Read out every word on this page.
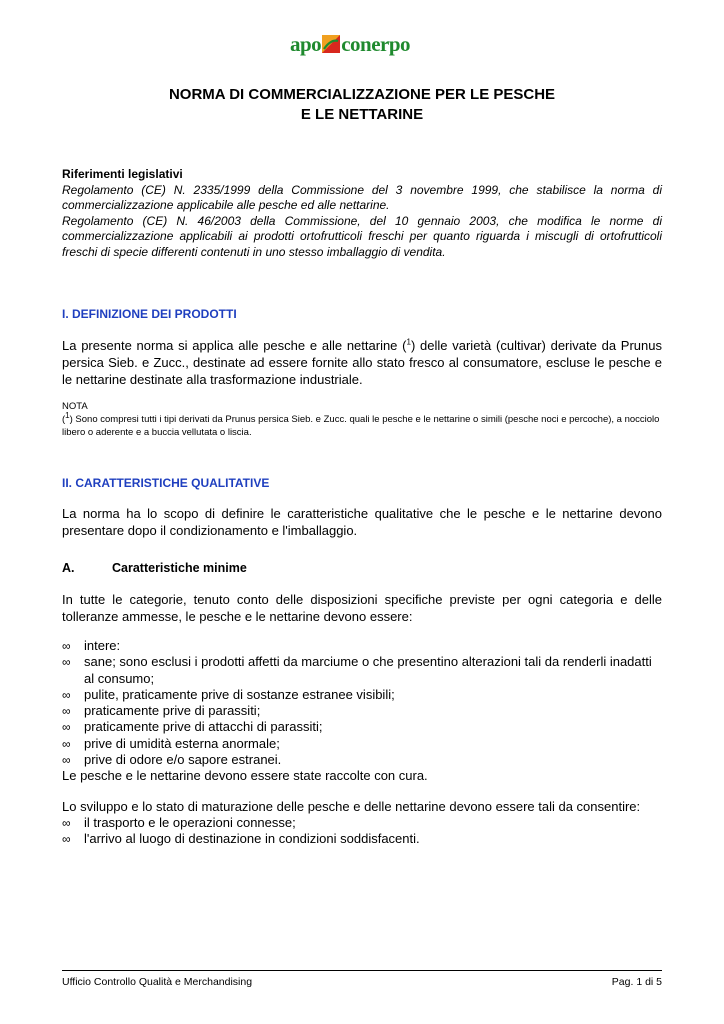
apo conerpo
NORMA DI COMMERCIALIZZAZIONE PER LE PESCHE
E LE NETTARINE
Riferimenti legislativi

Regolamento (CE) N. 2335/1999 della Commissione del 3 novembre 1999, che stabilisce la norma di commercializzazione applicabile alle pesche ed alle nettarine.

Regolamento (CE) N. 46/2003 della Commissione, del 10 gennaio 2003, che modifica le norme di commercializzazione applicabili ai prodotti ortofrutticoli freschi per quanto riguarda i miscugli di ortofrutticoli freschi di specie differenti contenuti in uno stesso imballaggio di vendita.

I. DEFINIZIONE DEI PRODOTTI

La presente norma si applica alle pesche e alle nettarine ($^1$) delle varietà (cultivar) derivate da Prunus persica Sieb. e Zucc., destinate ad essere fornite allo stato fresco al consumatore, escluse le pesche e le nettarine destinate alla trasformazione industriale.

NOTA
($^1$) Sono compresi tutti i tipi derivati da Prunus persica Sieb. e Zucc. quali le pesche e le nettarine o simili (pesche noci e percoche), a nocciolo libero o aderente e a buccia vellutata o liscia.
II. CARATTERISTICHE QUALITATIVE

La norma ha lo scopo di definire le caratteristiche qualitative che le pesche e le nettarine devono presentare dopo il condizionamento e l'imballaggio.

A.	Caratteristiche minime

In tutte le categorie, tenuto conto delle disposizioni specifiche previste per ogni categoria e delle tolleranze ammesse, le pesche e le nettarine devono essere:

∞ intere:
∞ sane; sono esclusi i prodotti affetti da marciume o che presentino alterazioni tali da renderli inadatti al consumo;
∞ pulite, praticamente prive di sostanze estranee visibili;
∞ praticamente prive di parassiti;
∞ praticamente prive di attacchi di parassiti;
∞ prive di umidità esterna anormale;
∞ prive di odore e/o sapore estranei.

Le pesche e le nettarine devono essere state raccolte con cura.

Lo sviluppo e lo stato di maturazione delle pesche e delle nettarine devono essere tali da consentire:

∞ il trasporto e le operazioni connesse;
∞ l'arrivo al luogo di destinazione in condizioni soddisfacenti.
Ufficio Controllo Qualità e Merchandising	Pag. 1 di 5
